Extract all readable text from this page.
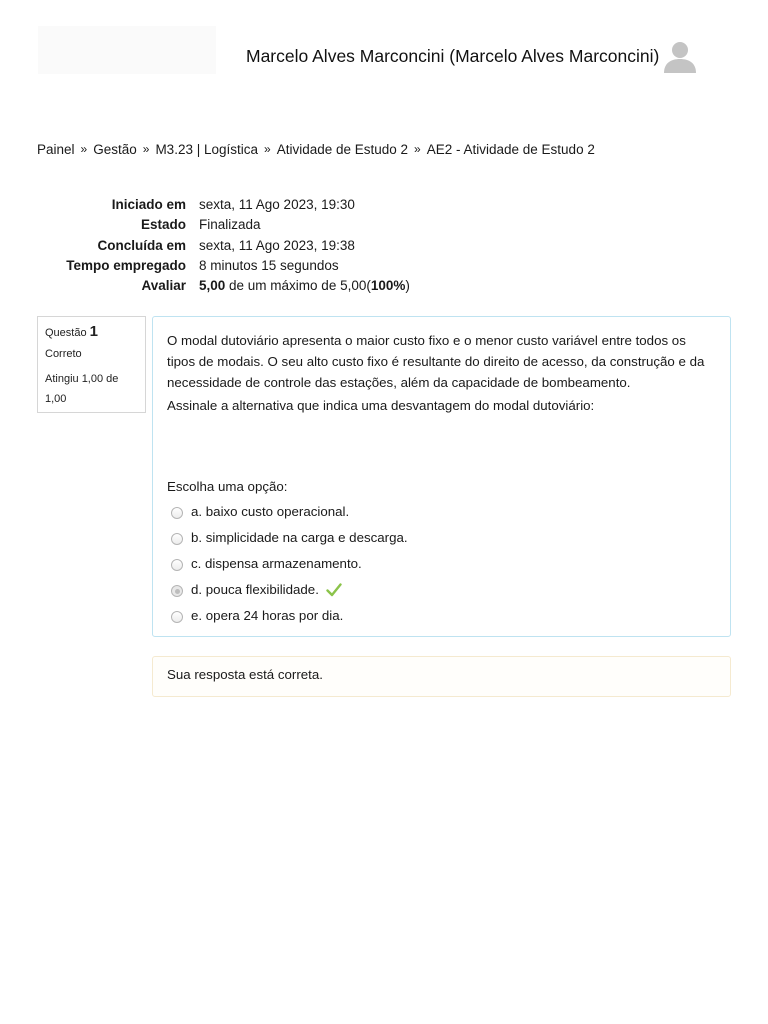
Marcelo Alves Marconcini (Marcelo Alves Marconcini)
Painel » Gestão » M3.23 | Logística » Atividade de Estudo 2 » AE2 - Atividade de Estudo 2
Iniciado em sexta, 11 Ago 2023, 19:30
Estado Finalizada
Concluída em sexta, 11 Ago 2023, 19:38
Tempo empregado 8 minutos 15 segundos
Avaliar 5,00 de um máximo de 5,00(100%)
Questão 1
Correto
Atingiu 1,00 de 1,00

O modal dutoviário apresenta o maior custo fixo e o menor custo variável entre todos os tipos de modais. O seu alto custo fixo é resultante do direito de acesso, da construção e da necessidade de controle das estações, além da capacidade de bombeamento.

Assinale a alternativa que indica uma desvantagem do modal dutoviário:

Escolha uma opção:
a. baixo custo operacional.
b. simplicidade na carga e descarga.
c. dispensa armazenamento.
d. pouca flexibilidade.
e. opera 24 horas por dia.
Sua resposta está correta.
